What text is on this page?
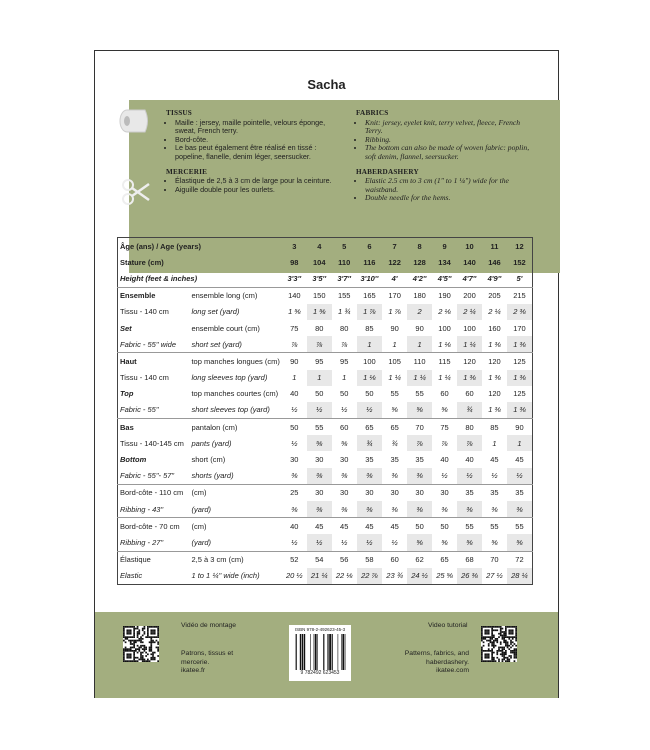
Sacha
TISSUS
• Maille : jersey, maille pointelle, velours éponge, sweat, French terry.
• Bord-côte.
• Le bas peut également être réalisé en tissé : popeline, flanelle, denim léger, seersucker.
MERCERIE
• Élastique de 2,5 à 3 cm de large pour la ceinture.
• Aiguille double pour les ourlets.
FABRICS
• Knit: jersey, eyelet knit, terry velvet, fleece, French Terry.
• Ribbing.
• The bottom can also be made of woven fabric: poplin, soft denim, flannel, seersucker.
HABERDASHERY
• Elastic 2.5 cm to 3 cm (1" to 1 ¼") wide for the waistband.
• Double needle for the hems.
Âge (ans) / Age (years)		3	4	5	6	7	8	9	10	11	12
Stature (cm)		98	104	110	116	122	128	134	140	146	152
Height (feet & inches)		3'3''	3'5''	3'7''	3'10''	4'	4'2''	4'5''	4'7''	4'9''	5'
Ensemble	ensemble long (cm)	140	150	155	165	170	180	190	200	205	215
Tissu - 140 cm	long set (yard)	1 ⅝	1 ⅝	1 ¾	1 ⅞	1 ⅞	2	2 ⅛	2 ¼	2 ¼	2 ⅜
Set	ensemble court (cm)	75	80	80	85	90	90	100	100	160	170
Fabric - 55" wide	short set (yard)	⅞	⅞	⅞	1	1	1	1 ⅛	1 ¼	1 ⅜	1 ⅜
Haut	top manches longues (cm)	90	95	95	100	105	110	115	120	120	125
Tissu - 140 cm	long sleeves top (yard)	1	1	1	1 ⅛	1 ¼	1 ¼	1 ¼	1 ⅜	1 ⅜	1 ⅜
Top	top manches courtes (cm)	40	50	50	50	55	55	60	60	120	125
Fabric - 55"	short sleeves top (yard)	½	½	½	½	⅝	⅝	⅝	¾	1 ⅜	1 ⅜
Bas	pantalon (cm)	50	55	60	65	65	70	75	80	85	90
Tissu - 140-145 cm	pants (yard)	½	⅝	⅝	¾	¾	⅞	⅞	⅞	1	1
Bottom	short (cm)	30	30	30	35	35	35	40	40	45	45
Fabric - 55"- 57"	shorts (yard)	⅜	⅜	⅜	⅜	⅜	⅜	½	½	½	½
Bord-côte - 110 cm	(cm)	25	30	30	30	30	30	30	35	35	35
Ribbing - 43"	(yard)	⅜	⅜	⅜	⅜	⅜	⅜	⅜	⅜	⅜	⅜
Bord-côte - 70 cm	(cm)	40	45	45	45	45	50	50	55	55	55
Ribbing - 27"	(yard)	½	½	½	½	½	⅝	⅝	⅝	⅝	⅝
Élastique	2,5 à 3 cm (cm)	52	54	56	58	60	62	65	68	70	72
Elastic	1 to 1 ¼" wide (inch)	20 ½	21 ¼	22 ⅛	22 ⅞	23 ¾	24 ½	25 ⅝	26 ⅜	27 ½	28 ¼
Vidéo de montage
Patrons, tissus et
mercerie.
ikatee.fr
ISBN 978-2-492623-45-3
9 782492 623453
Video tutorial
Patterns, fabrics, and
haberdashery.
ikatee.com
